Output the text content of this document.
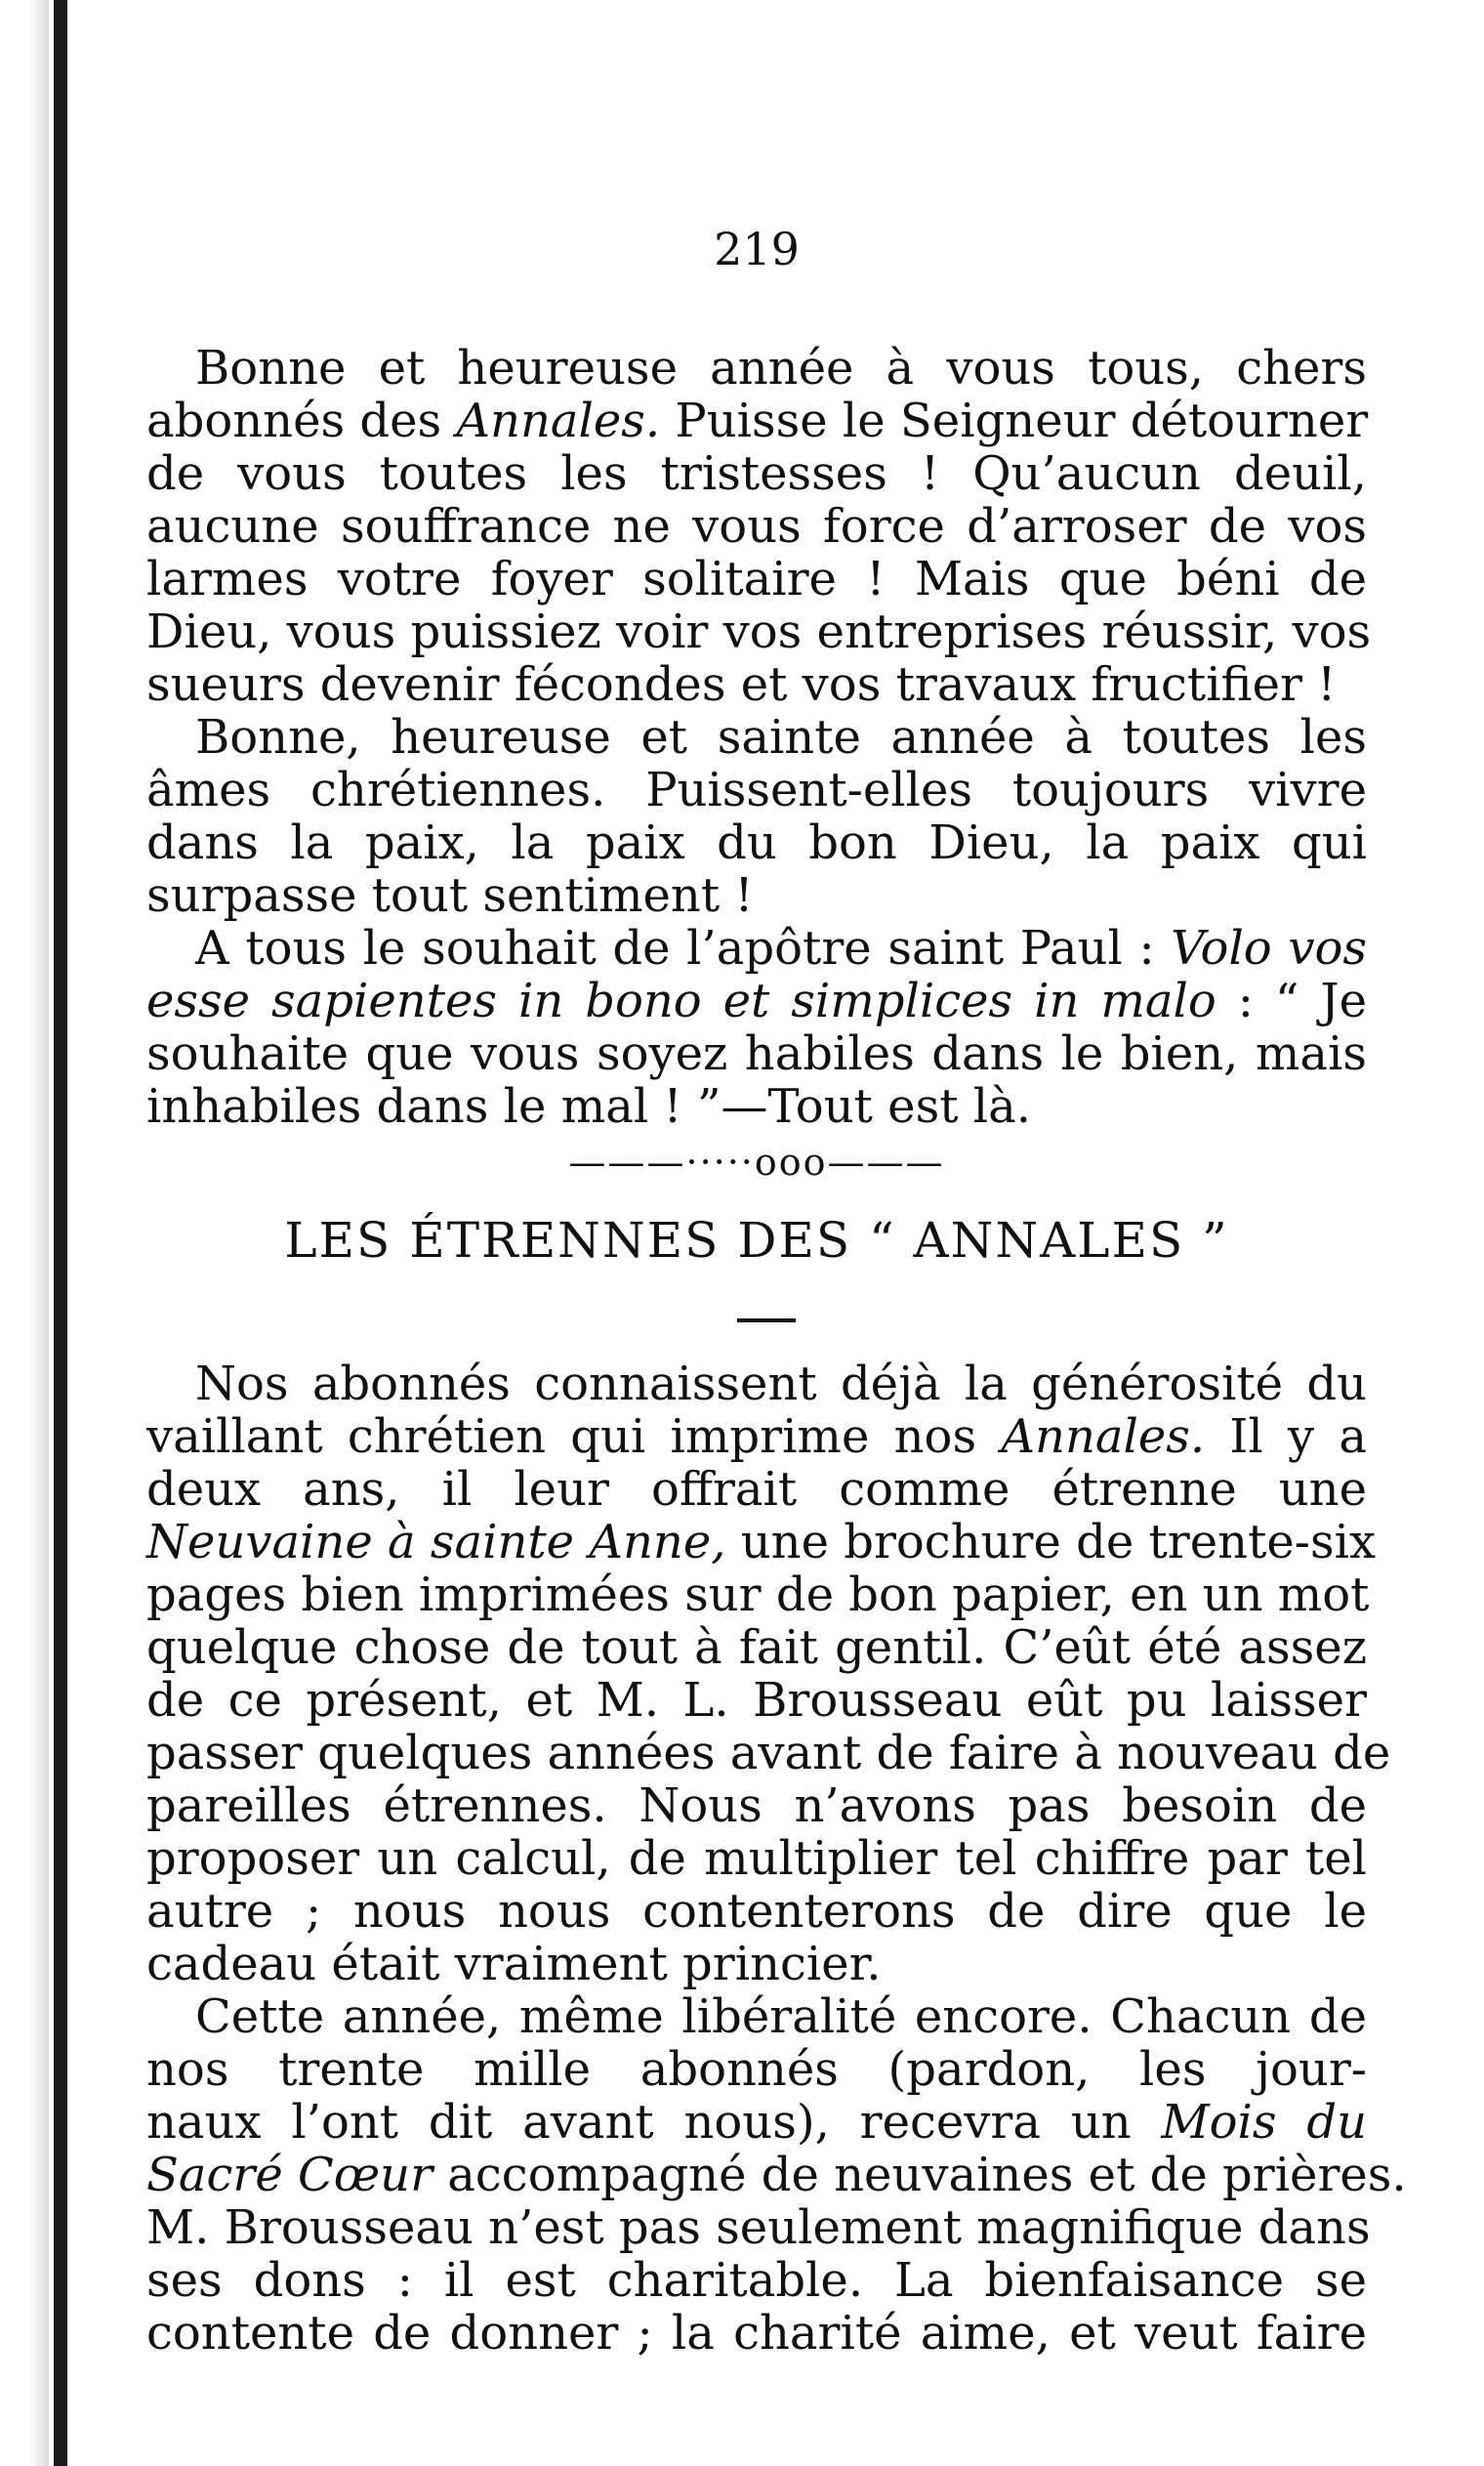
219
Bonne et heureuse année à vous tous, chers
abonnés des Annales. Puisse le Seigneur détourner
de vous toutes les tristesses ! Qu’aucun deuil,
aucune souffrance ne vous force d’arroser de vos
larmes votre foyer solitaire ! Mais que béni de
Dieu, vous puissiez voir vos entreprises réussir, vos
sueurs devenir fécondes et vos travaux fructifier !
Bonne, heureuse et sainte année à toutes les
âmes chrétiennes. Puissent-elles toujours vivre
dans la paix, la paix du bon Dieu, la paix qui
surpasse tout sentiment !
A tous le souhait de l’apôtre saint Paul : Volo vos
esse sapientes in bono et simplices in malo : “ Je
souhaite que vous soyez habiles dans le bien, mais
inhabiles dans le mal ! ”—Tout est là.
———·····ooo———
LES ÉTRENNES DES “ ANNALES ”
Nos abonnés connaissent déjà la générosité du
vaillant chrétien qui imprime nos Annales. Il y a
deux ans, il leur offrait comme étrenne une
Neuvaine à sainte Anne, une brochure de trente-six
pages bien imprimées sur de bon papier, en un mot
quelque chose de tout à fait gentil. C’eût été assez
de ce présent, et M. L. Brousseau eût pu laisser
passer quelques années avant de faire à nouveau de
pareilles étrennes. Nous n’avons pas besoin de
proposer un calcul, de multiplier tel chiffre par tel
autre ; nous nous contenterons de dire que le
cadeau était vraiment princier.
Cette année, même libéralité encore. Chacun de
nos trente mille abonnés (pardon, les jour-
naux l’ont dit avant nous), recevra un Mois du
Sacré Cœur accompagné de neuvaines et de prières.
M. Brousseau n’est pas seulement magnifique dans
ses dons : il est charitable. La bienfaisance se
contente de donner ; la charité aime, et veut faire
